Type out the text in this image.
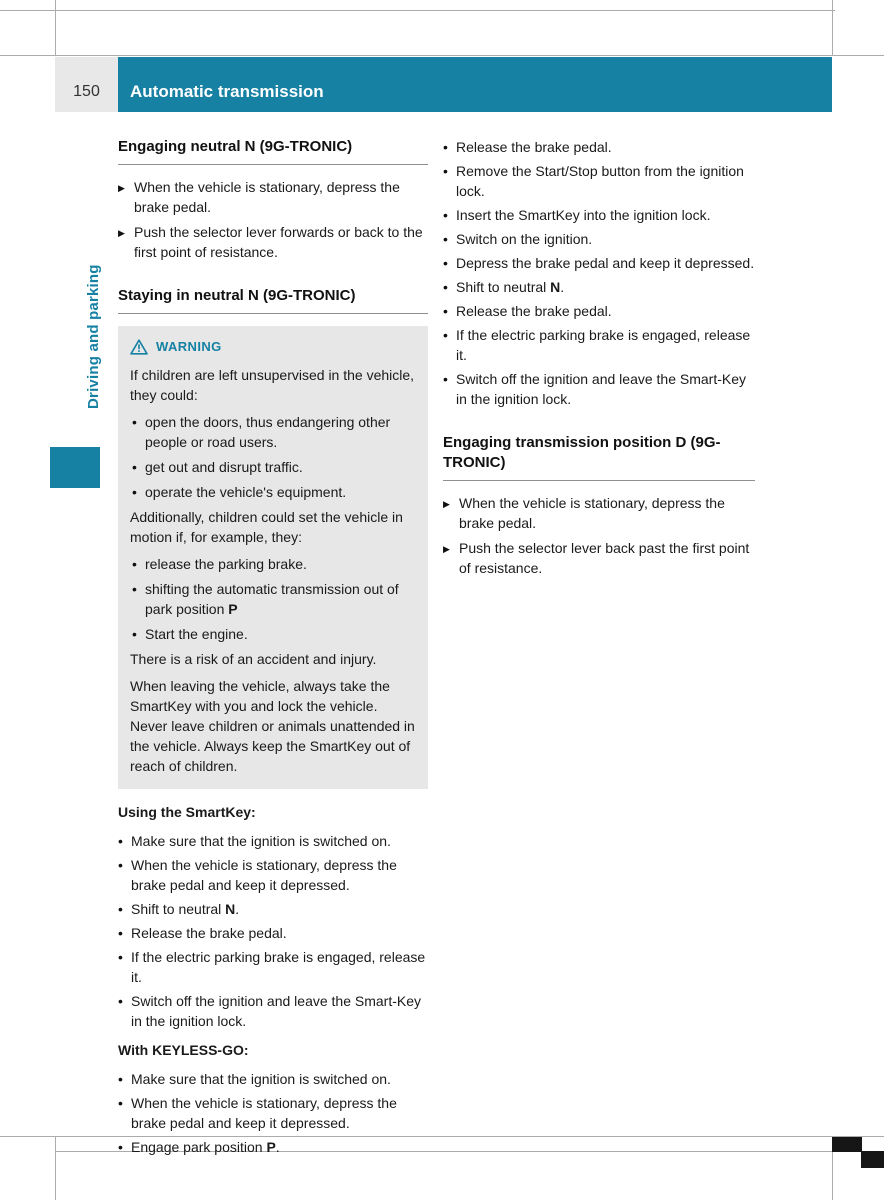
150 Automatic transmission
Driving and parking
Engaging neutral N (9G-TRONIC)
▶ When the vehicle is stationary, depress the brake pedal.
▶ Push the selector lever forwards or back to the first point of resistance.
Staying in neutral N (9G-TRONIC)
WARNING

If children are left unsupervised in the vehicle, they could:

• open the doors, thus endangering other people or road users.
• get out and disrupt traffic.
• operate the vehicle's equipment.

Additionally, children could set the vehicle in motion if, for example, they:

• release the parking brake.
• shifting the automatic transmission out of park position P
• Start the engine.

There is a risk of an accident and injury.

When leaving the vehicle, always take the SmartKey with you and lock the vehicle. Never leave children or animals unattended in the vehicle. Always keep the SmartKey out of reach of children.

Using the SmartKey:
• Make sure that the ignition is switched on.
• When the vehicle is stationary, depress the brake pedal and keep it depressed.
• Shift to neutral N.
• Release the brake pedal.
• If the electric parking brake is engaged, release it.
• Switch off the ignition and leave the Smart-Key in the ignition lock.
With KEYLESS-GO:
• Make sure that the ignition is switched on.
• When the vehicle is stationary, depress the brake pedal and keep it depressed.
• Engage park position P.
• Release the brake pedal.
• Remove the Start/Stop button from the ignition lock.
• Insert the SmartKey into the ignition lock.
• Switch on the ignition.
• Depress the brake pedal and keep it depressed.
• Shift to neutral N.
• Release the brake pedal.
• If the electric parking brake is engaged, release it.
• Switch off the ignition and leave the Smart-Key in the ignition lock.
Engaging transmission position D (9G-TRONIC)
▶ When the vehicle is stationary, depress the brake pedal.
▶ Push the selector lever back past the first point of resistance.
